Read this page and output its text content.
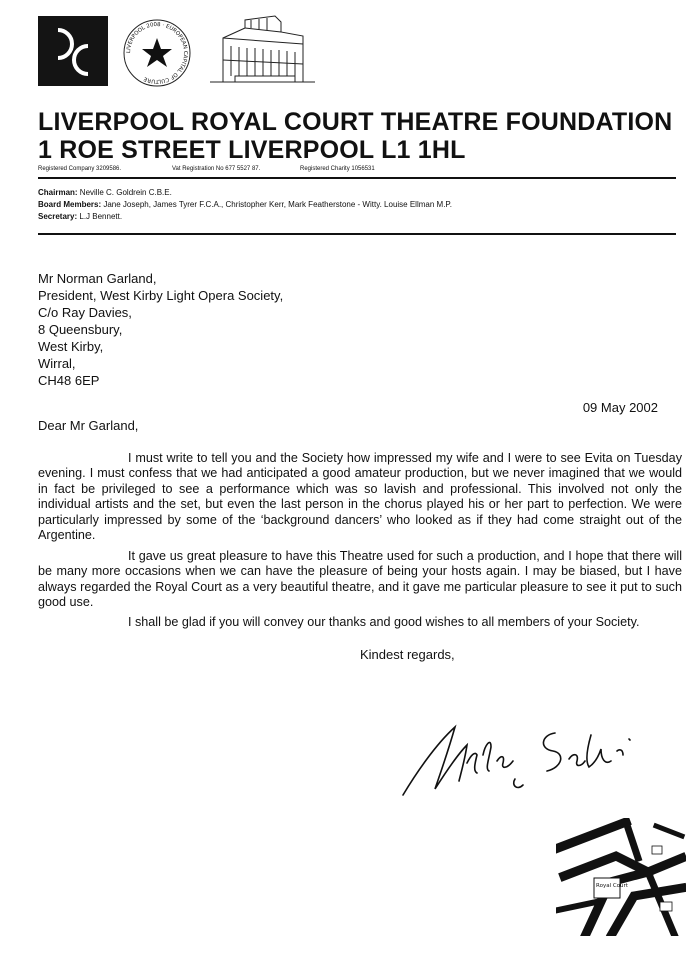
LIVERPOOL 2008 · EUROPEAN CAPITAL OF CULTURE
LIVERPOOL ROYAL COURT THEATRE FOUNDATION
1 ROE STREET LIVERPOOL L1 1HL
Registered Company 3209586.	Vat Registration No 677 5527 87.	Registered Charity 1056531
Chairman: Neville C. Goldrein C.B.E.
Board Members: Jane Joseph, James Tyrer F.C.A., Christopher Kerr, Mark Featherstone - Witty. Louise Ellman M.P.
Secretary: L.J Bennett.
Mr Norman Garland,
President, West Kirby Light Opera Society,
C/o Ray Davies,
8 Queensbury,
West Kirby,
Wirral,
CH48 6EP
09 May 2002
Dear Mr Garland,
I must write to tell you and the Society how impressed my wife and I were to see Evita on Tuesday evening. I must confess that we had anticipated a good amateur production, but we never imagined that we would in fact be privileged to see a performance which was so lavish and professional. This involved not only the individual artists and the set, but even the last person in the chorus played his or her part to perfection. We were particularly impressed by some of the ‘background dancers’ who looked as if they had come straight out of the Argentine.
It gave us great pleasure to have this Theatre used for such a production, and I hope that there will be many more occasions when we can have the pleasure of being your hosts again. I may be biased, but I have always regarded the Royal Court as a very beautiful theatre, and it gave me particular pleasure to see it put to such good use.
I shall be glad if you will convey our thanks and good wishes to all members of your Society.
Kindest regards,
Royal Court
